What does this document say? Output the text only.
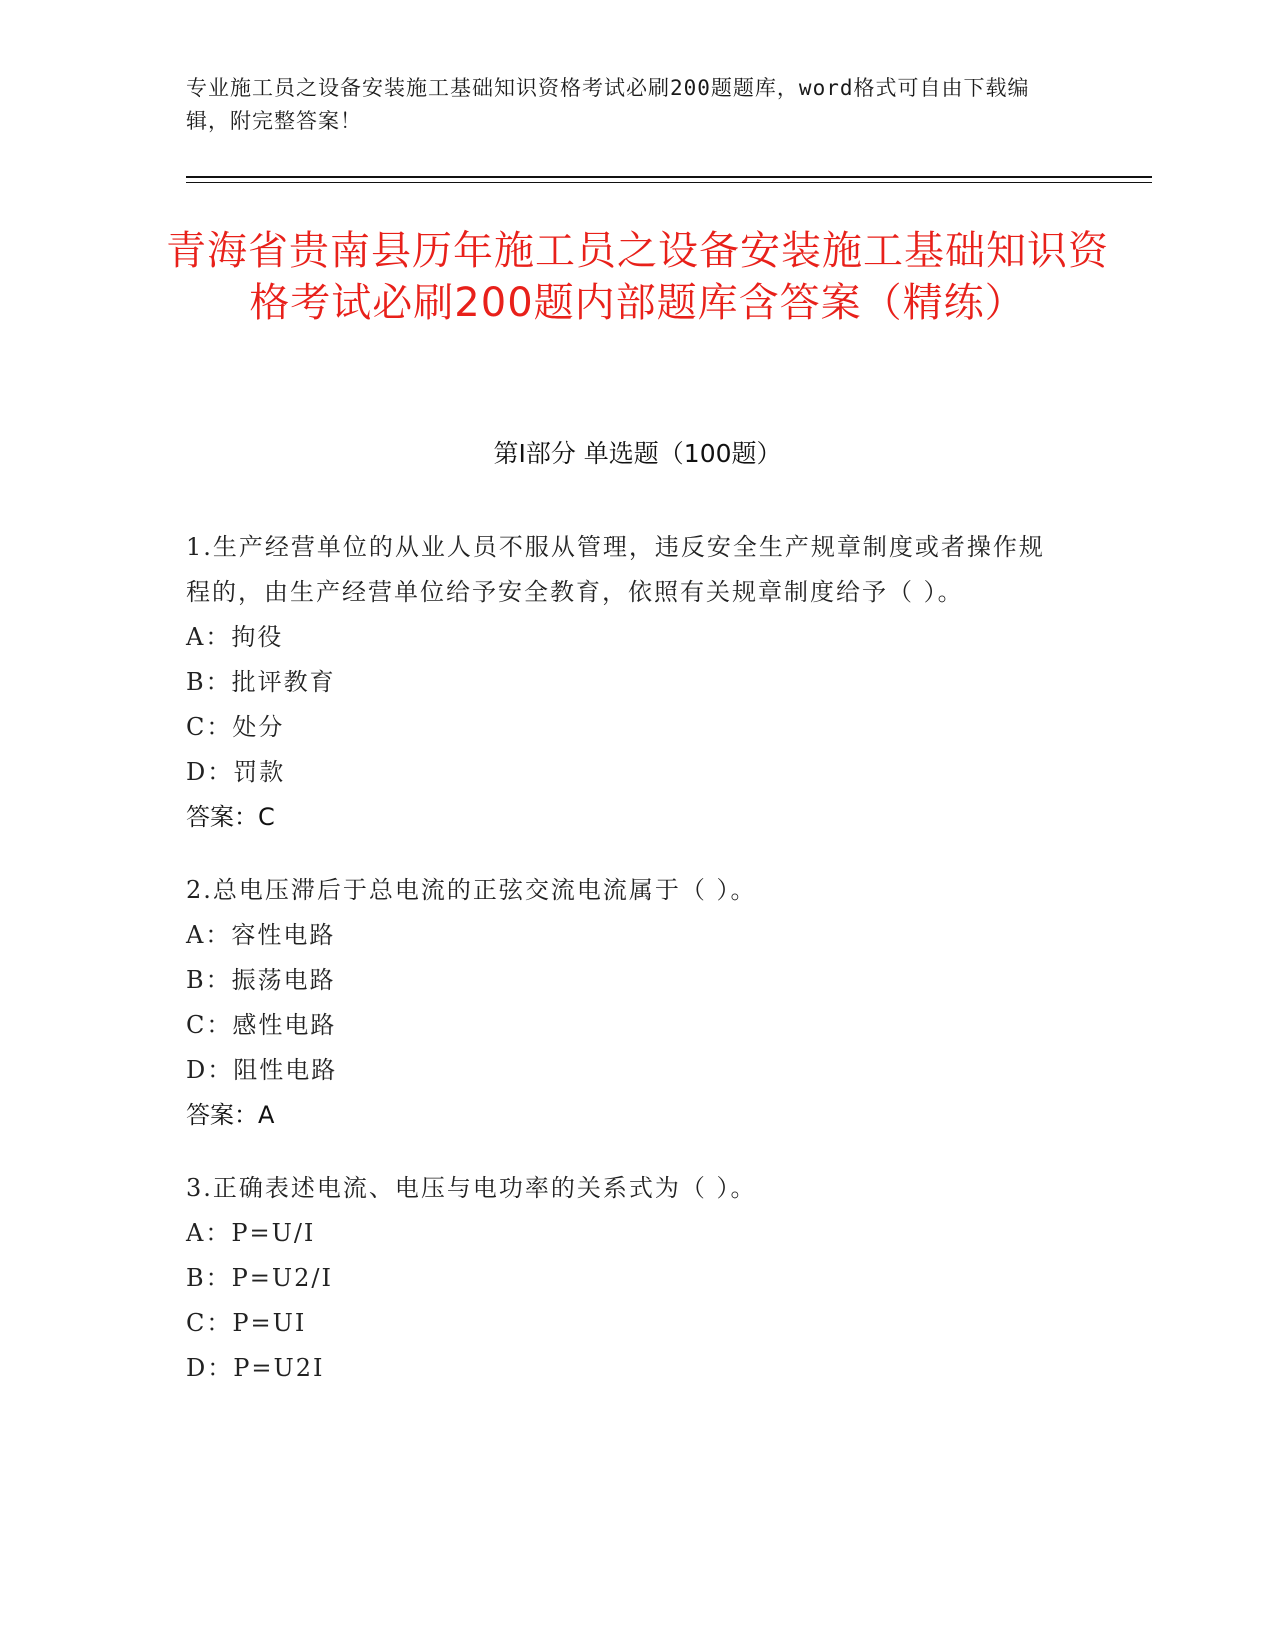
专业施工员之设备安装施工基础知识资格考试必刷200题题库，word格式可自由下载编辑，附完整答案！
青海省贵南县历年施工员之设备安装施工基础知识资格考试必刷200题内部题库含答案（精练）
第Ⅰ部分 单选题（100题）
1.生产经营单位的从业人员不服从管理，违反安全生产规章制度或者操作规程的，由生产经营单位给予安全教育，依照有关规章制度给予（ ）。
A：拘役
B：批评教育
C：处分
D：罚款
答案：C
2.总电压滞后于总电流的正弦交流电流属于（ ）。
A：容性电路
B：振荡电路
C：感性电路
D：阻性电路
答案：A
3.正确表述电流、电压与电功率的关系式为（ ）。
A：P=U/I
B：P=U2/I
C：P=UI
D：P=U2I
